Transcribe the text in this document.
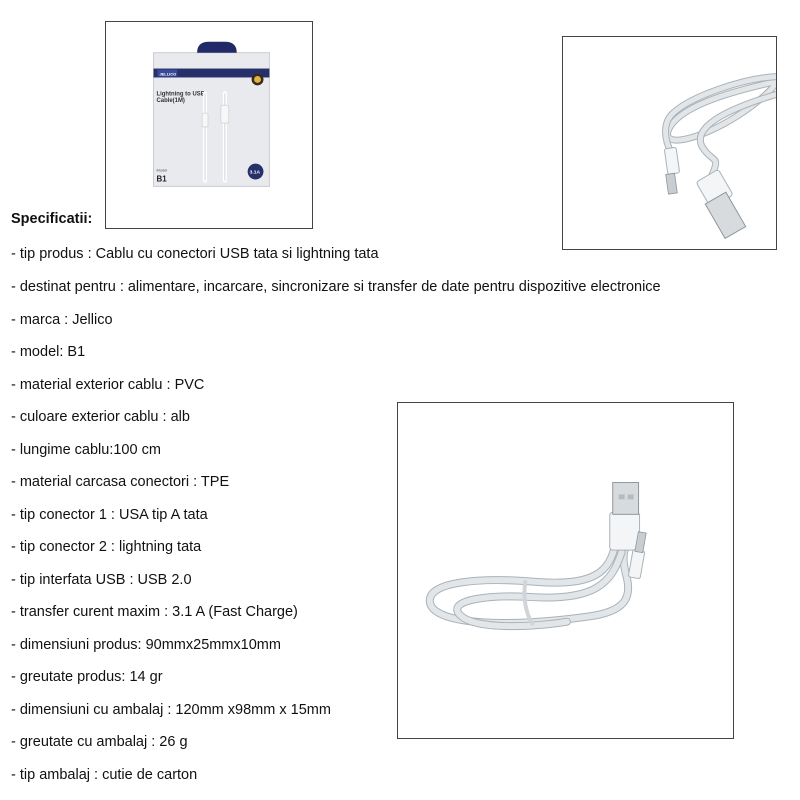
JELLICO
Lightning to USB
Cable(1M)
Model
B1
3.1A
Specificatii:
- tip produs : Cablu cu conectori USB tata si lightning tata
- destinat pentru : alimentare, incarcare, sincronizare si transfer de date pentru dispozitive electronice
- marca : Jellico
- model: B1
- material exterior cablu : PVC
- culoare exterior cablu : alb
- lungime cablu:100 cm
- material carcasa conectori : TPE
- tip conector 1 : USA tip A tata
- tip conector 2 : lightning tata
- tip interfata USB : USB 2.0
- transfer curent maxim : 3.1 A (Fast Charge)
- dimensiuni produs: 90mmx25mmx10mm
- greutate produs: 14 gr
- dimensiuni cu ambalaj : 120mm x98mm x 15mm
- greutate cu ambalaj : 26 g
- tip ambalaj : cutie de carton
